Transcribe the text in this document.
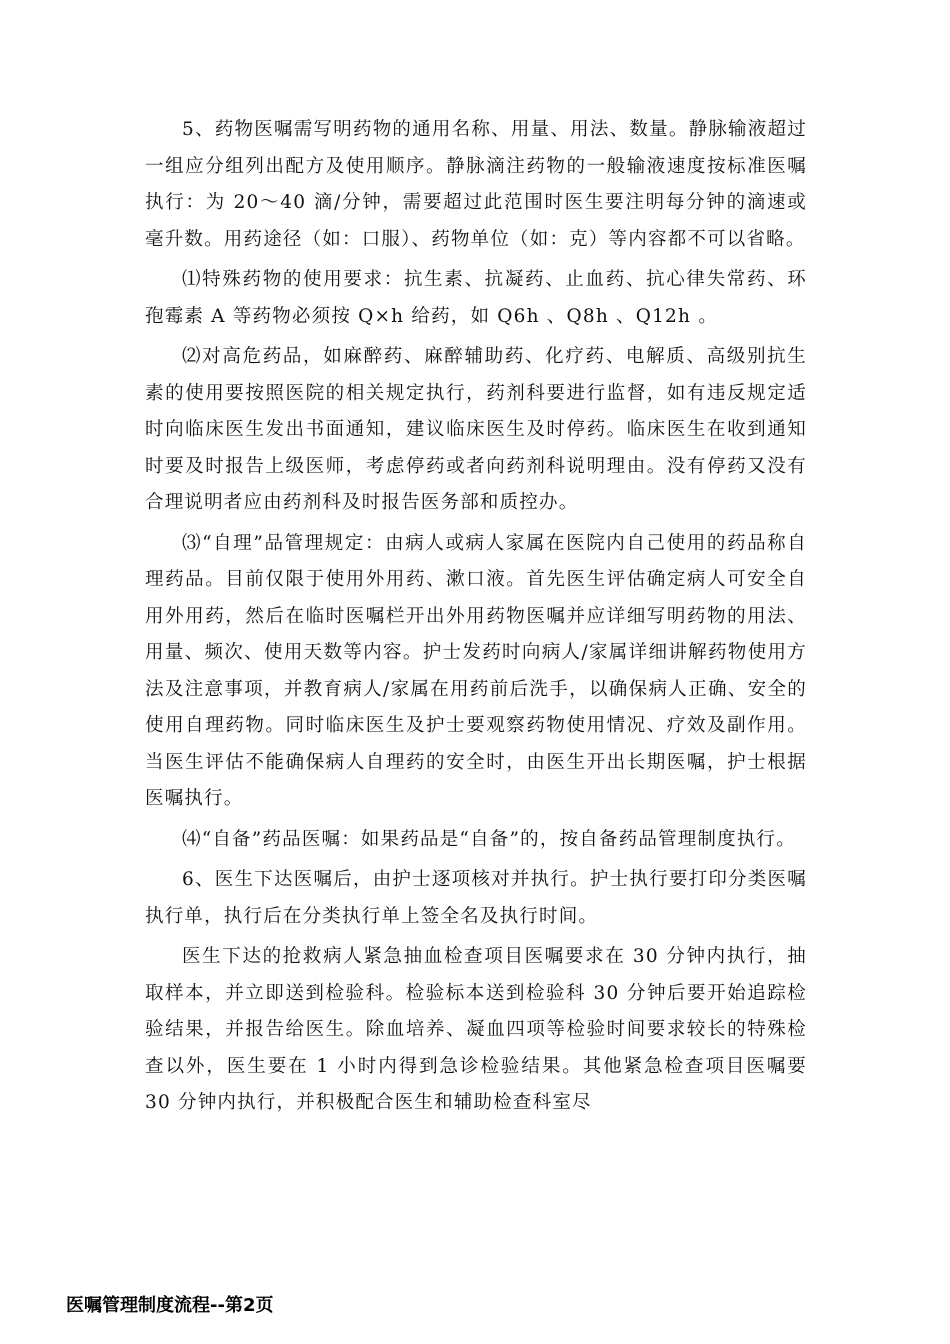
5、药物医嘱需写明药物的通用名称、用量、用法、数量。静脉输液超过一组应分组列出配方及使用顺序。静脉滴注药物的一般输液速度按标准医嘱执行：为 20～40 滴/分钟，需要超过此范围时医生要注明每分钟的滴速或毫升数。用药途径（如：口服）、药物单位（如：克）等内容都不可以省略。

⑴特殊药物的使用要求：抗生素、抗凝药、止血药、抗心律失常药、环孢霉素 A 等药物必须按 Q×h 给药，如 Q6h 、Q8h 、Q12h 。

⑵对高危药品，如麻醉药、麻醉辅助药、化疗药、电解质、高级别抗生素的使用要按照医院的相关规定执行，药剂科要进行监督，如有违反规定适时向临床医生发出书面通知，建议临床医生及时停药。临床医生在收到通知时要及时报告上级医师，考虑停药或者向药剂科说明理由。没有停药又没有合理说明者应由药剂科及时报告医务部和质控办。

⑶“自理”品管理规定：由病人或病人家属在医院内自己使用的药品称自理药品。目前仅限于使用外用药、漱口液。首先医生评估确定病人可安全自用外用药，然后在临时医嘱栏开出外用药物医嘱并应详细写明药物的用法、用量、频次、使用天数等内容。护士发药时向病人/家属详细讲解药物使用方法及注意事项，并教育病人/家属在用药前后洗手，以确保病人正确、安全的使用自理药物。同时临床医生及护士要观察药物使用情况、疗效及副作用。当医生评估不能确保病人自理药的安全时，由医生开出长期医嘱，护士根据医嘱执行。

⑷“自备”药品医嘱：如果药品是“自备”的，按自备药品管理制度执行。

6、医生下达医嘱后，由护士逐项核对并执行。护士执行要打印分类医嘱执行单，执行后在分类执行单上签全名及执行时间。

医生下达的抢救病人紧急抽血检查项目医嘱要求在 30 分钟内执行，抽取样本，并立即送到检验科。检验标本送到检验科 30 分钟后要开始追踪检验结果，并报告给医生。除血培养、凝血四项等检验时间要求较长的特殊检查以外，医生要在 1 小时内得到急诊检验结果。其他紧急检查项目医嘱要 30 分钟内执行，并积极配合医生和辅助检查科室尽

医嘱管理制度流程--第2页
